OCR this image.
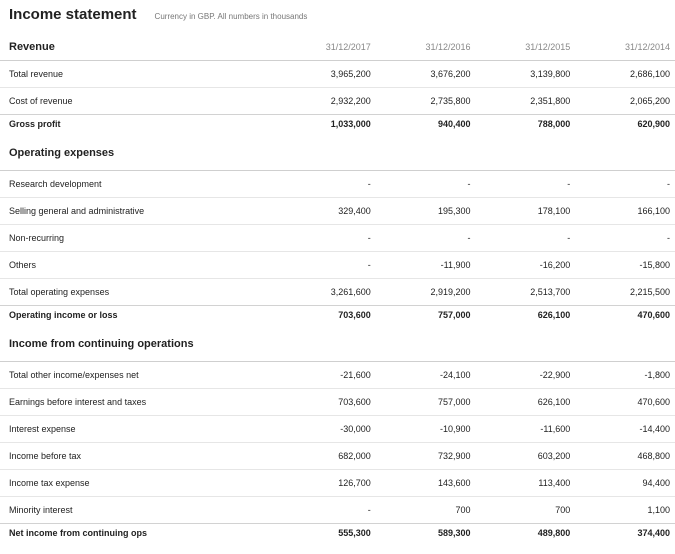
Income statement Currency in GBP. All numbers in thousands
Revenue	31/12/2017	31/12/2016	31/12/2015	31/12/2014
Total revenue	3,965,200	3,676,200	3,139,800	2,686,100
Cost of revenue	2,932,200	2,735,800	2,351,800	2,065,200
Gross profit	1,033,000	940,400	788,000	620,900
Operating expenses				
Research development	-	-	-	-
Selling general and administrative	329,400	195,300	178,100	166,100
Non-recurring	-	-	-	-
Others	-	-11,900	-16,200	-15,800
Total operating expenses	3,261,600	2,919,200	2,513,700	2,215,500
Operating income or loss	703,600	757,000	626,100	470,600
Income from continuing operations				
Total other income/expenses net	-21,600	-24,100	-22,900	-1,800
Earnings before interest and taxes	703,600	757,000	626,100	470,600
Interest expense	-30,000	-10,900	-11,600	-14,400
Income before tax	682,000	732,900	603,200	468,800
Income tax expense	126,700	143,600	113,400	94,400
Minority interest	-	700	700	1,100
Net income from continuing ops	555,300	589,300	489,800	374,400
